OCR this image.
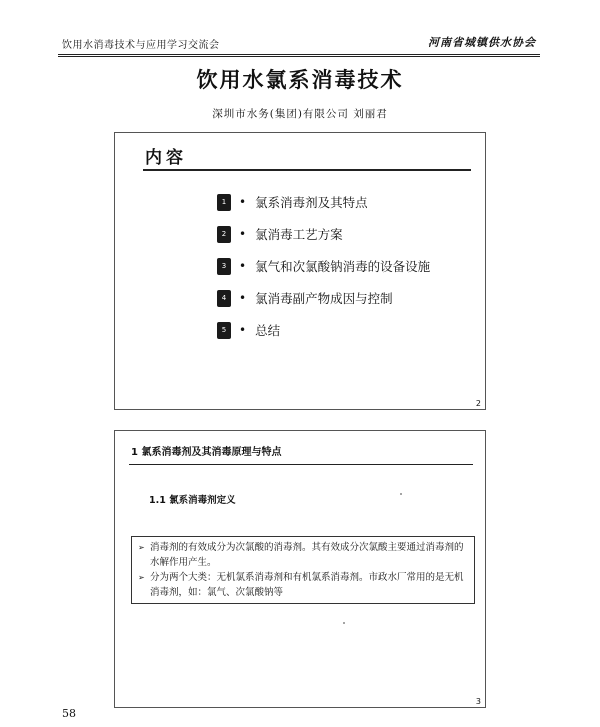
饮用水消毒技术与应用学习交流会	河南省城镇供水协会
饮用水氯系消毒技术
深圳市水务(集团)有限公司 刘丽君
内容
1	• 氯系消毒剂及其特点
2	• 氯消毒工艺方案
3	• 氯气和次氯酸钠消毒的设备设施
4	• 氯消毒副产物成因与控制
5	• 总结
2
1 氯系消毒剂及其消毒原理与特点
1.1 氯系消毒剂定义
➢ 消毒剂的有效成分为次氯酸的消毒剂。其有效成分次氯酸主要通过消毒剂的水解作用产生。
➢ 分为两个大类：无机氯系消毒剂和有机氯系消毒剂。市政水厂常用的是无机消毒剂，如：氯气、次氯酸钠等
3
58
